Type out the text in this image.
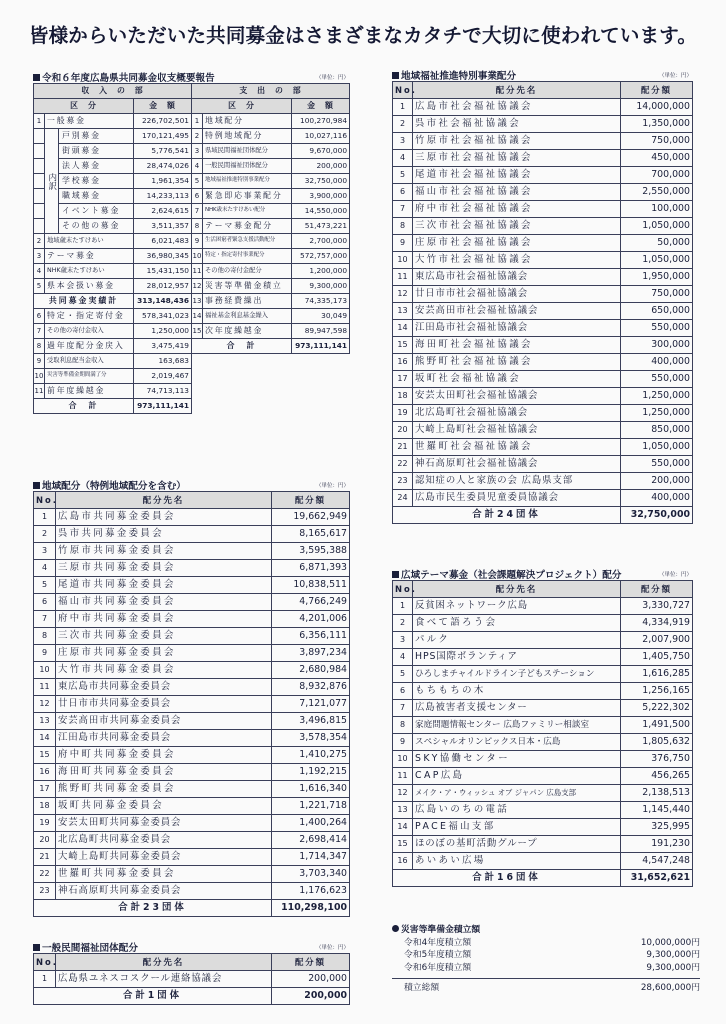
皆様からいただいた共同募金はさまざまなカタチで大切に使われています。
令和６年度広島県共同募金収支概要報告	（単位：円）
収　入　の　部			
区　分			金　額
1	一般募金		226,702,501
	内訳	戸別募金	170,121,495
		街頭募金	5,776,541
		法人募金	28,474,026
		学校募金	1,961,354
		職域募金	14,233,113
		イベント募金	2,624,615
		その他の募金	3,511,357
2	地域歳末たすけあい		6,021,483
3	テーマ募金		36,980,345
4	NHK歳末たすけあい		15,431,150
5	県本会扱い募金		28,012,957
共同募金実績計			313,148,436
6	特定・指定寄付金		578,341,023
7	その他の寄付金収入		1,250,000
8	過年度配分金戻入		3,475,419
9	受取利息配当金収入		163,683
10	災害等準備金期間満了分		2,019,467
11	前年度繰越金		74,713,113
合　計			973,111,141
支　出　の　部		
区　分		金　額
1	地域配分	100,270,984
2	特例地域配分	10,027,116
3	県域民間福祉団体配分	9,670,000
4	一般民間福祉団体配分	200,000
5	地域福祉推進特別事業配分	32,750,000
6	緊急即応事業配分	3,900,000
7	NHK歳末たすけあい配分	14,550,000
8	テーマ募金配分	51,473,221
9	生活困窮者緊急支援活動配分	2,700,000
10	特定・指定寄付事業配分	572,757,000
11	その他の寄付金配分	1,200,000
12	災害等準備金積立	9,300,000
13	事務経費繰出	74,335,173
14	福祉基金利息基金繰入	30,049
15	次年度繰越金	89,947,598
合　計		973,111,141
地域配分（特例地域配分を含む）	（単位：円）
No.	配分先名	配分額
1	広島市共同募金委員会	19,662,949
2	呉市共同募金委員会	8,165,617
3	竹原市共同募金委員会	3,595,388
4	三原市共同募金委員会	6,871,393
5	尾道市共同募金委員会	10,838,511
6	福山市共同募金委員会	4,766,249
7	府中市共同募金委員会	4,201,006
8	三次市共同募金委員会	6,356,111
9	庄原市共同募金委員会	3,897,234
10	大竹市共同募金委員会	2,680,984
11	東広島市共同募金委員会	8,932,876
12	廿日市市共同募金委員会	7,121,077
13	安芸高田市共同募金委員会	3,496,815
14	江田島市共同募金委員会	3,578,354
15	府中町共同募金委員会	1,410,275
16	海田町共同募金委員会	1,192,215
17	熊野町共同募金委員会	1,616,340
18	坂町共同募金委員会	1,221,718
19	安芸太田町共同募金委員会	1,400,264
20	北広島町共同募金委員会	2,698,414
21	大崎上島町共同募金委員会	1,714,347
22	世羅町共同募金委員会	3,703,340
23	神石高原町共同募金委員会	1,176,623
合計23団体		110,298,100
一般民間福祉団体配分	（単位：円）
No.	配分先名	配分額
1	広島県ユネスコスクール連絡協議会	200,000
合計1団体		200,000
地域福祉推進特別事業配分	（単位：円）
No.	配分先名	配分額
1	広島市社会福祉協議会	14,000,000
2	呉市社会福祉協議会	1,350,000
3	竹原市社会福祉協議会	750,000
4	三原市社会福祉協議会	450,000
5	尾道市社会福祉協議会	700,000
6	福山市社会福祉協議会	2,550,000
7	府中市社会福祉協議会	100,000
8	三次市社会福祉協議会	1,050,000
9	庄原市社会福祉協議会	50,000
10	大竹市社会福祉協議会	1,050,000
11	東広島市社会福祉協議会	1,950,000
12	廿日市市社会福祉協議会	750,000
13	安芸高田市社会福祉協議会	650,000
14	江田島市社会福祉協議会	550,000
15	海田町社会福祉協議会	300,000
16	熊野町社会福祉協議会	400,000
17	坂町社会福祉協議会	550,000
18	安芸太田町社会福祉協議会	1,250,000
19	北広島町社会福祉協議会	1,250,000
20	大崎上島町社会福祉協議会	850,000
21	世羅町社会福祉協議会	1,050,000
22	神石高原町社会福祉協議会	550,000
23	認知症の人と家族の会 広島県支部	200,000
24	広島市民生委員児童委員協議会	400,000
合計24団体		32,750,000
広域テーマ募金（社会課題解決プロジェクト）配分	（単位：円）
No.	配分先名	配分額
1	反貧困ネットワーク広島	3,330,727
2	食べて語ろう会	4,334,919
3	パルク	2,007,900
4	HPS国際ボランティア	1,405,750
5	ひろしまチャイルドライン子どもステーション	1,616,285
6	もちもちの木	1,256,165
7	広島被害者支援センター	5,222,302
8	家庭問題情報センター 広島ファミリー相談室	1,491,500
9	スペシャルオリンピックス日本・広島	1,805,632
10	SKY協働センター	376,750
11	CAP広島	456,265
12	メイク・ア・ウィッシュ オブ ジャパン 広島支部	2,138,513
13	広島いのちの電話	1,145,440
14	PACE福山支部	325,995
15	ほのぼの基町活動グループ	191,230
16	あいあい広場	4,547,248
合計16団体		31,652,621
災害等準備金積立額
令和4年度積立額	10,000,000円
令和5年度積立額	9,300,000円
令和6年度積立額	9,300,000円
積立総額	28,600,000円
